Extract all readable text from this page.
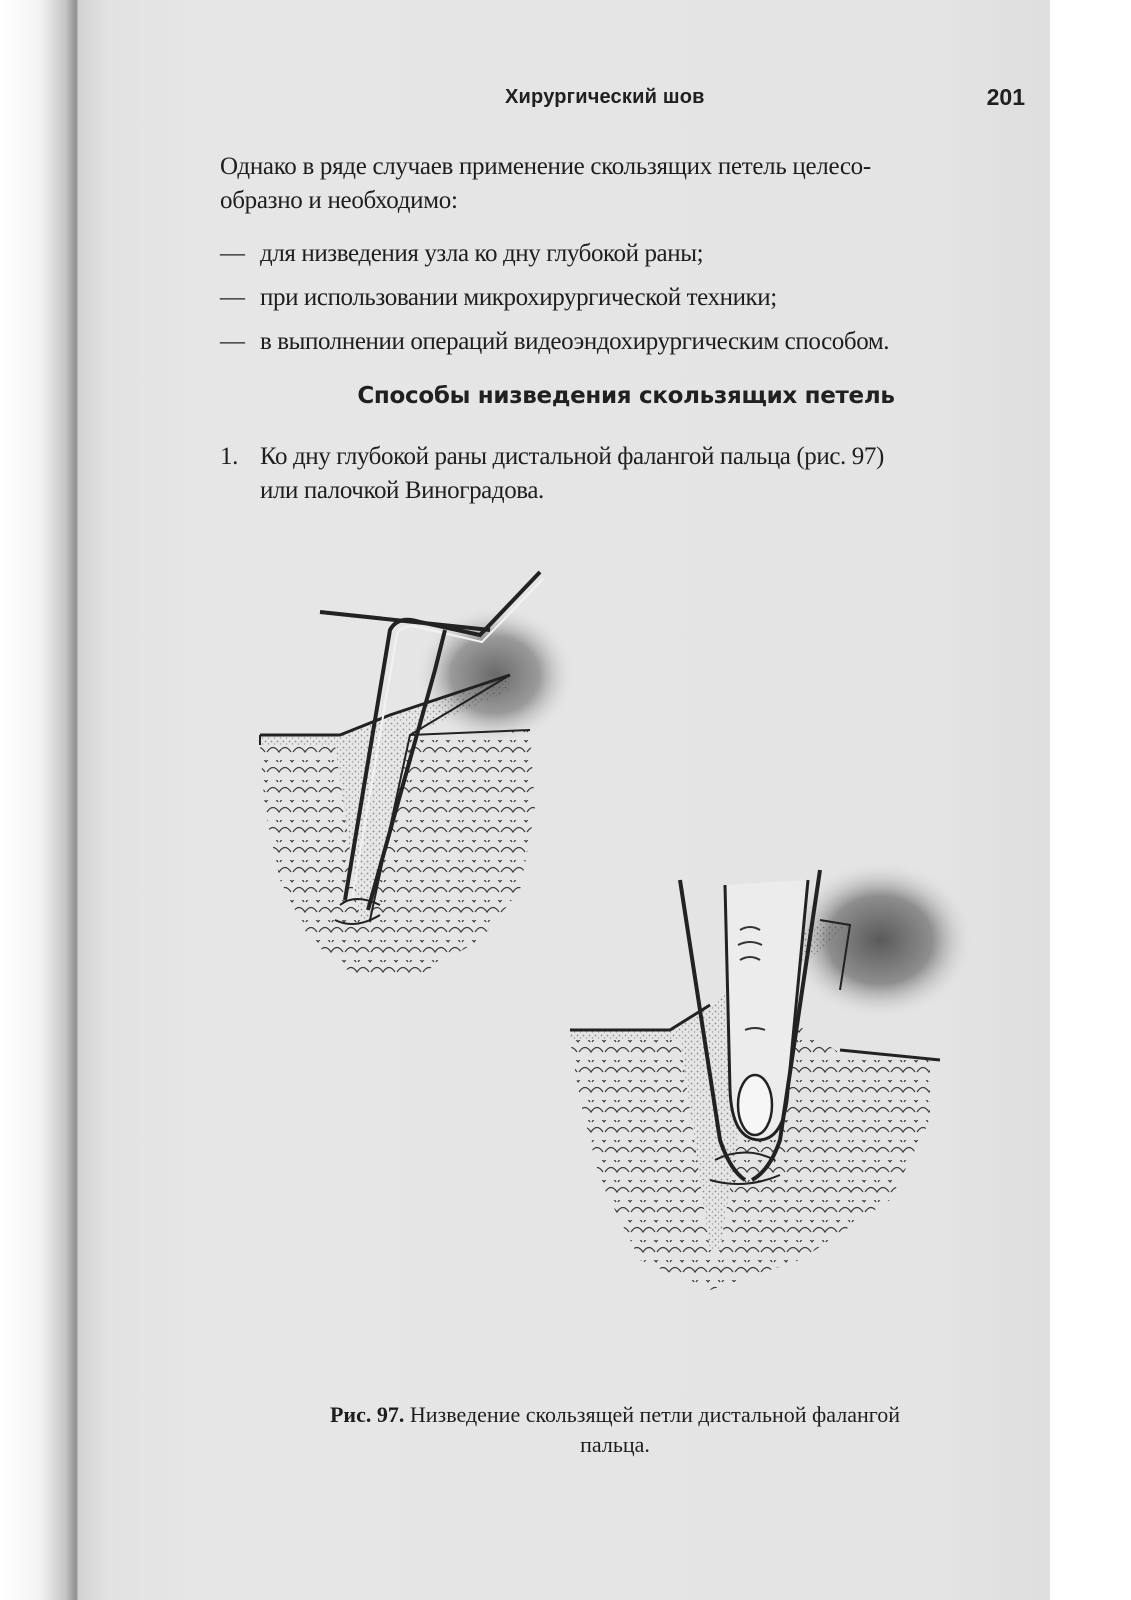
Хирургический шов	201
Однако в ряде случаев применение скользящих петель целесо-
образно и необходимо:
— для низведения узла ко дну глубокой раны;
— при использовании микрохирургической техники;
— в выполнении операций видеоэндохирургическим способом.
Способы низведения скользящих петель
1. Ко дну глубокой раны дистальной фалангой пальца (рис. 97)
или палочкой Виноградова.
Рис. 97. Низведение скользящей петли дистальной фалангой
пальца.
